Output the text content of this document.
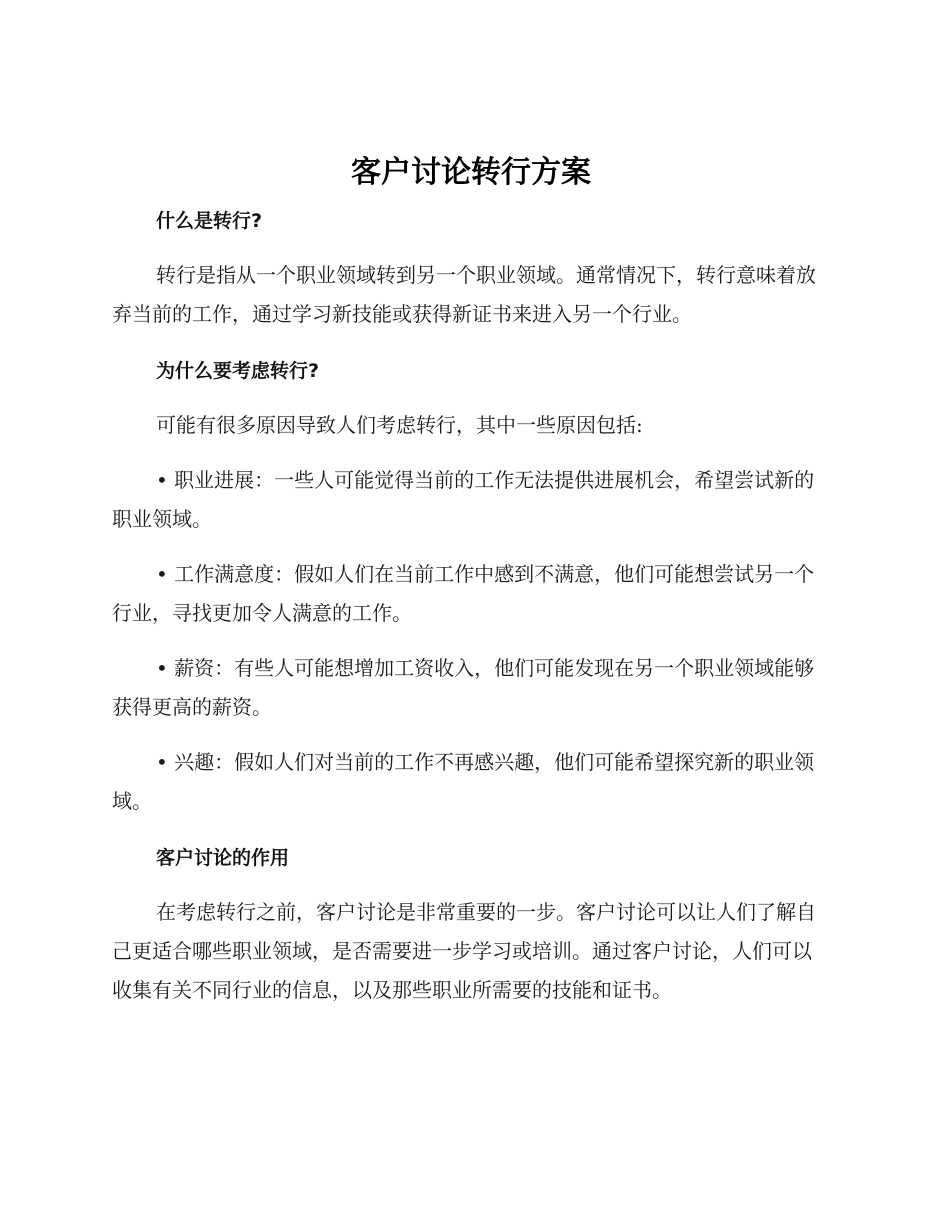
客户讨论转行方案
什么是转行?

转行是指从一个职业领域转到另一个职业领域。通常情况下，转行意味着放弃当前的工作，通过学习新技能或获得新证书来进入另一个行业。

为什么要考虑转行?

可能有很多原因导致人们考虑转行，其中一些原因包括:

• 职业进展：一些人可能觉得当前的工作无法提供进展机会，希望尝试新的职业领域。

• 工作满意度：假如人们在当前工作中感到不满意，他们可能想尝试另一个行业，寻找更加令人满意的工作。

• 薪资：有些人可能想增加工资收入，他们可能发现在另一个职业领域能够获得更高的薪资。

• 兴趣：假如人们对当前的工作不再感兴趣，他们可能希望探究新的职业领域。

客户讨论的作用

在考虑转行之前，客户讨论是非常重要的一步。客户讨论可以让人们了解自己更适合哪些职业领域，是否需要进一步学习或培训。通过客户讨论，人们可以收集有关不同行业的信息，以及那些职业所需要的技能和证书。
